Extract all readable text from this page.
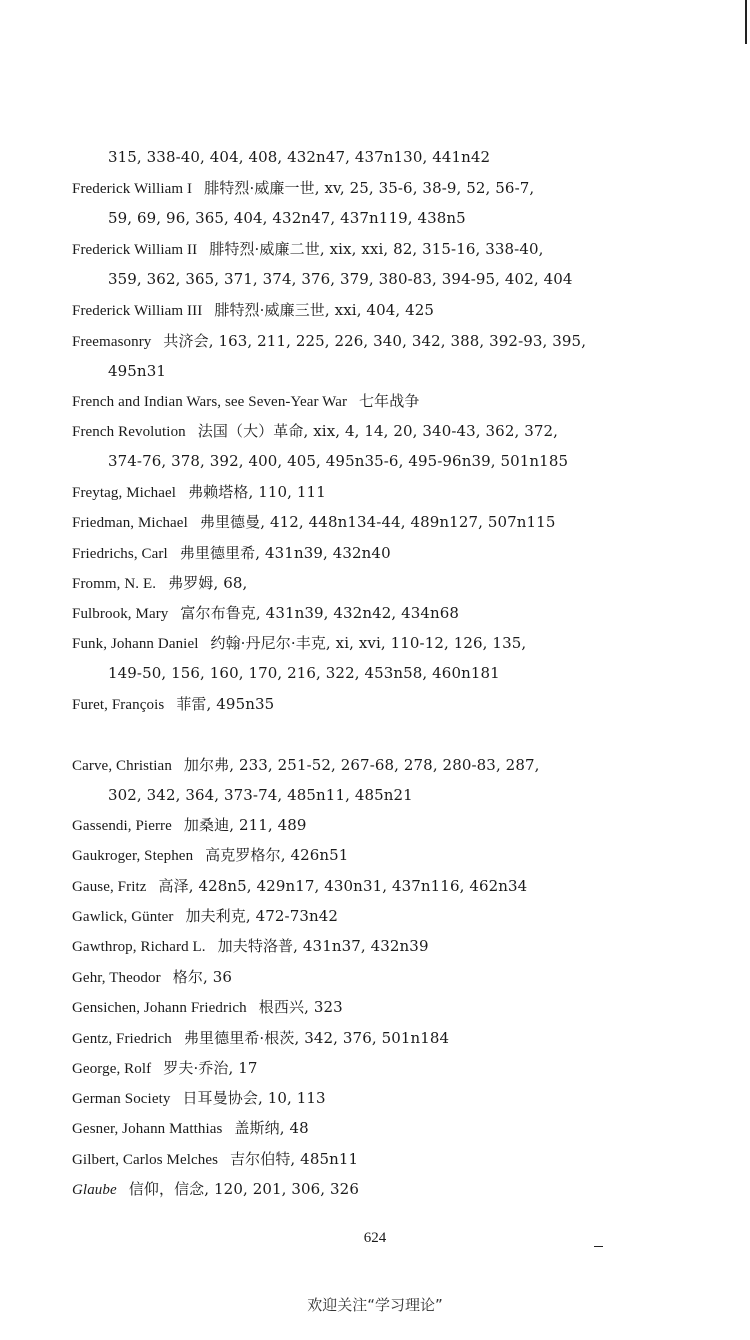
315, 338-40, 404, 408, 432n47, 437n130, 441n42
Frederick William I 腓特烈·威廉一世, xv, 25, 35-6, 38-9, 52, 56-7,
59, 69, 96, 365, 404, 432n47, 437n119, 438n5
Frederick William II 腓特烈·威廉二世, xix, xxi, 82, 315-16, 338-40,
359, 362, 365, 371, 374, 376, 379, 380-83, 394-95, 402, 404
Frederick William III 腓特烈·威廉三世, xxi, 404, 425
Freemasonry 共济会, 163, 211, 225, 226, 340, 342, 388, 392-93, 395,
495n31
French and Indian Wars, see Seven-Year War 七年战争
French Revolution 法国（大）革命, xix, 4, 14, 20, 340-43, 362, 372,
374-76, 378, 392, 400, 405, 495n35-6, 495-96n39, 501n185
Freytag, Michael 弗赖塔格, 110, 111
Friedman, Michael 弗里德曼, 412, 448n134-44, 489n127, 507n115
Friedrichs, Carl 弗里德里希, 431n39, 432n40
Fromm, N. E. 弗罗姆, 68,
Fulbrook, Mary 富尔布鲁克, 431n39, 432n42, 434n68
Funk, Johann Daniel 约翰·丹尼尔·丰克, xi, xvi, 110-12, 126, 135,
149-50, 156, 160, 170, 216, 322, 453n58, 460n181
Furet, François 菲雷, 495n35
Carve, Christian 加尔弗, 233, 251-52, 267-68, 278, 280-83, 287,
302, 342, 364, 373-74, 485n11, 485n21
Gassendi, Pierre 加桑迪, 211, 489
Gaukroger, Stephen 高克罗格尔, 426n51
Gause, Fritz 高泽, 428n5, 429n17, 430n31, 437n116, 462n34
Gawlick, Günter 加夫利克, 472-73n42
Gawthrop, Richard L. 加夫特洛普, 431n37, 432n39
Gehr, Theodor 格尔, 36
Gensichen, Johann Friedrich 根西兴, 323
Gentz, Friedrich 弗里德里希·根茨, 342, 376, 501n184
George, Rolf 罗夫·乔治, 17
German Society 日耳曼协会, 10, 113
Gesner, Johann Matthias 盖斯纳, 48
Gilbert, Carlos Melches 吉尔伯特, 485n11
Glaube 信仰，信念, 120, 201, 306, 326
624
欢迎关注“学习理论”
